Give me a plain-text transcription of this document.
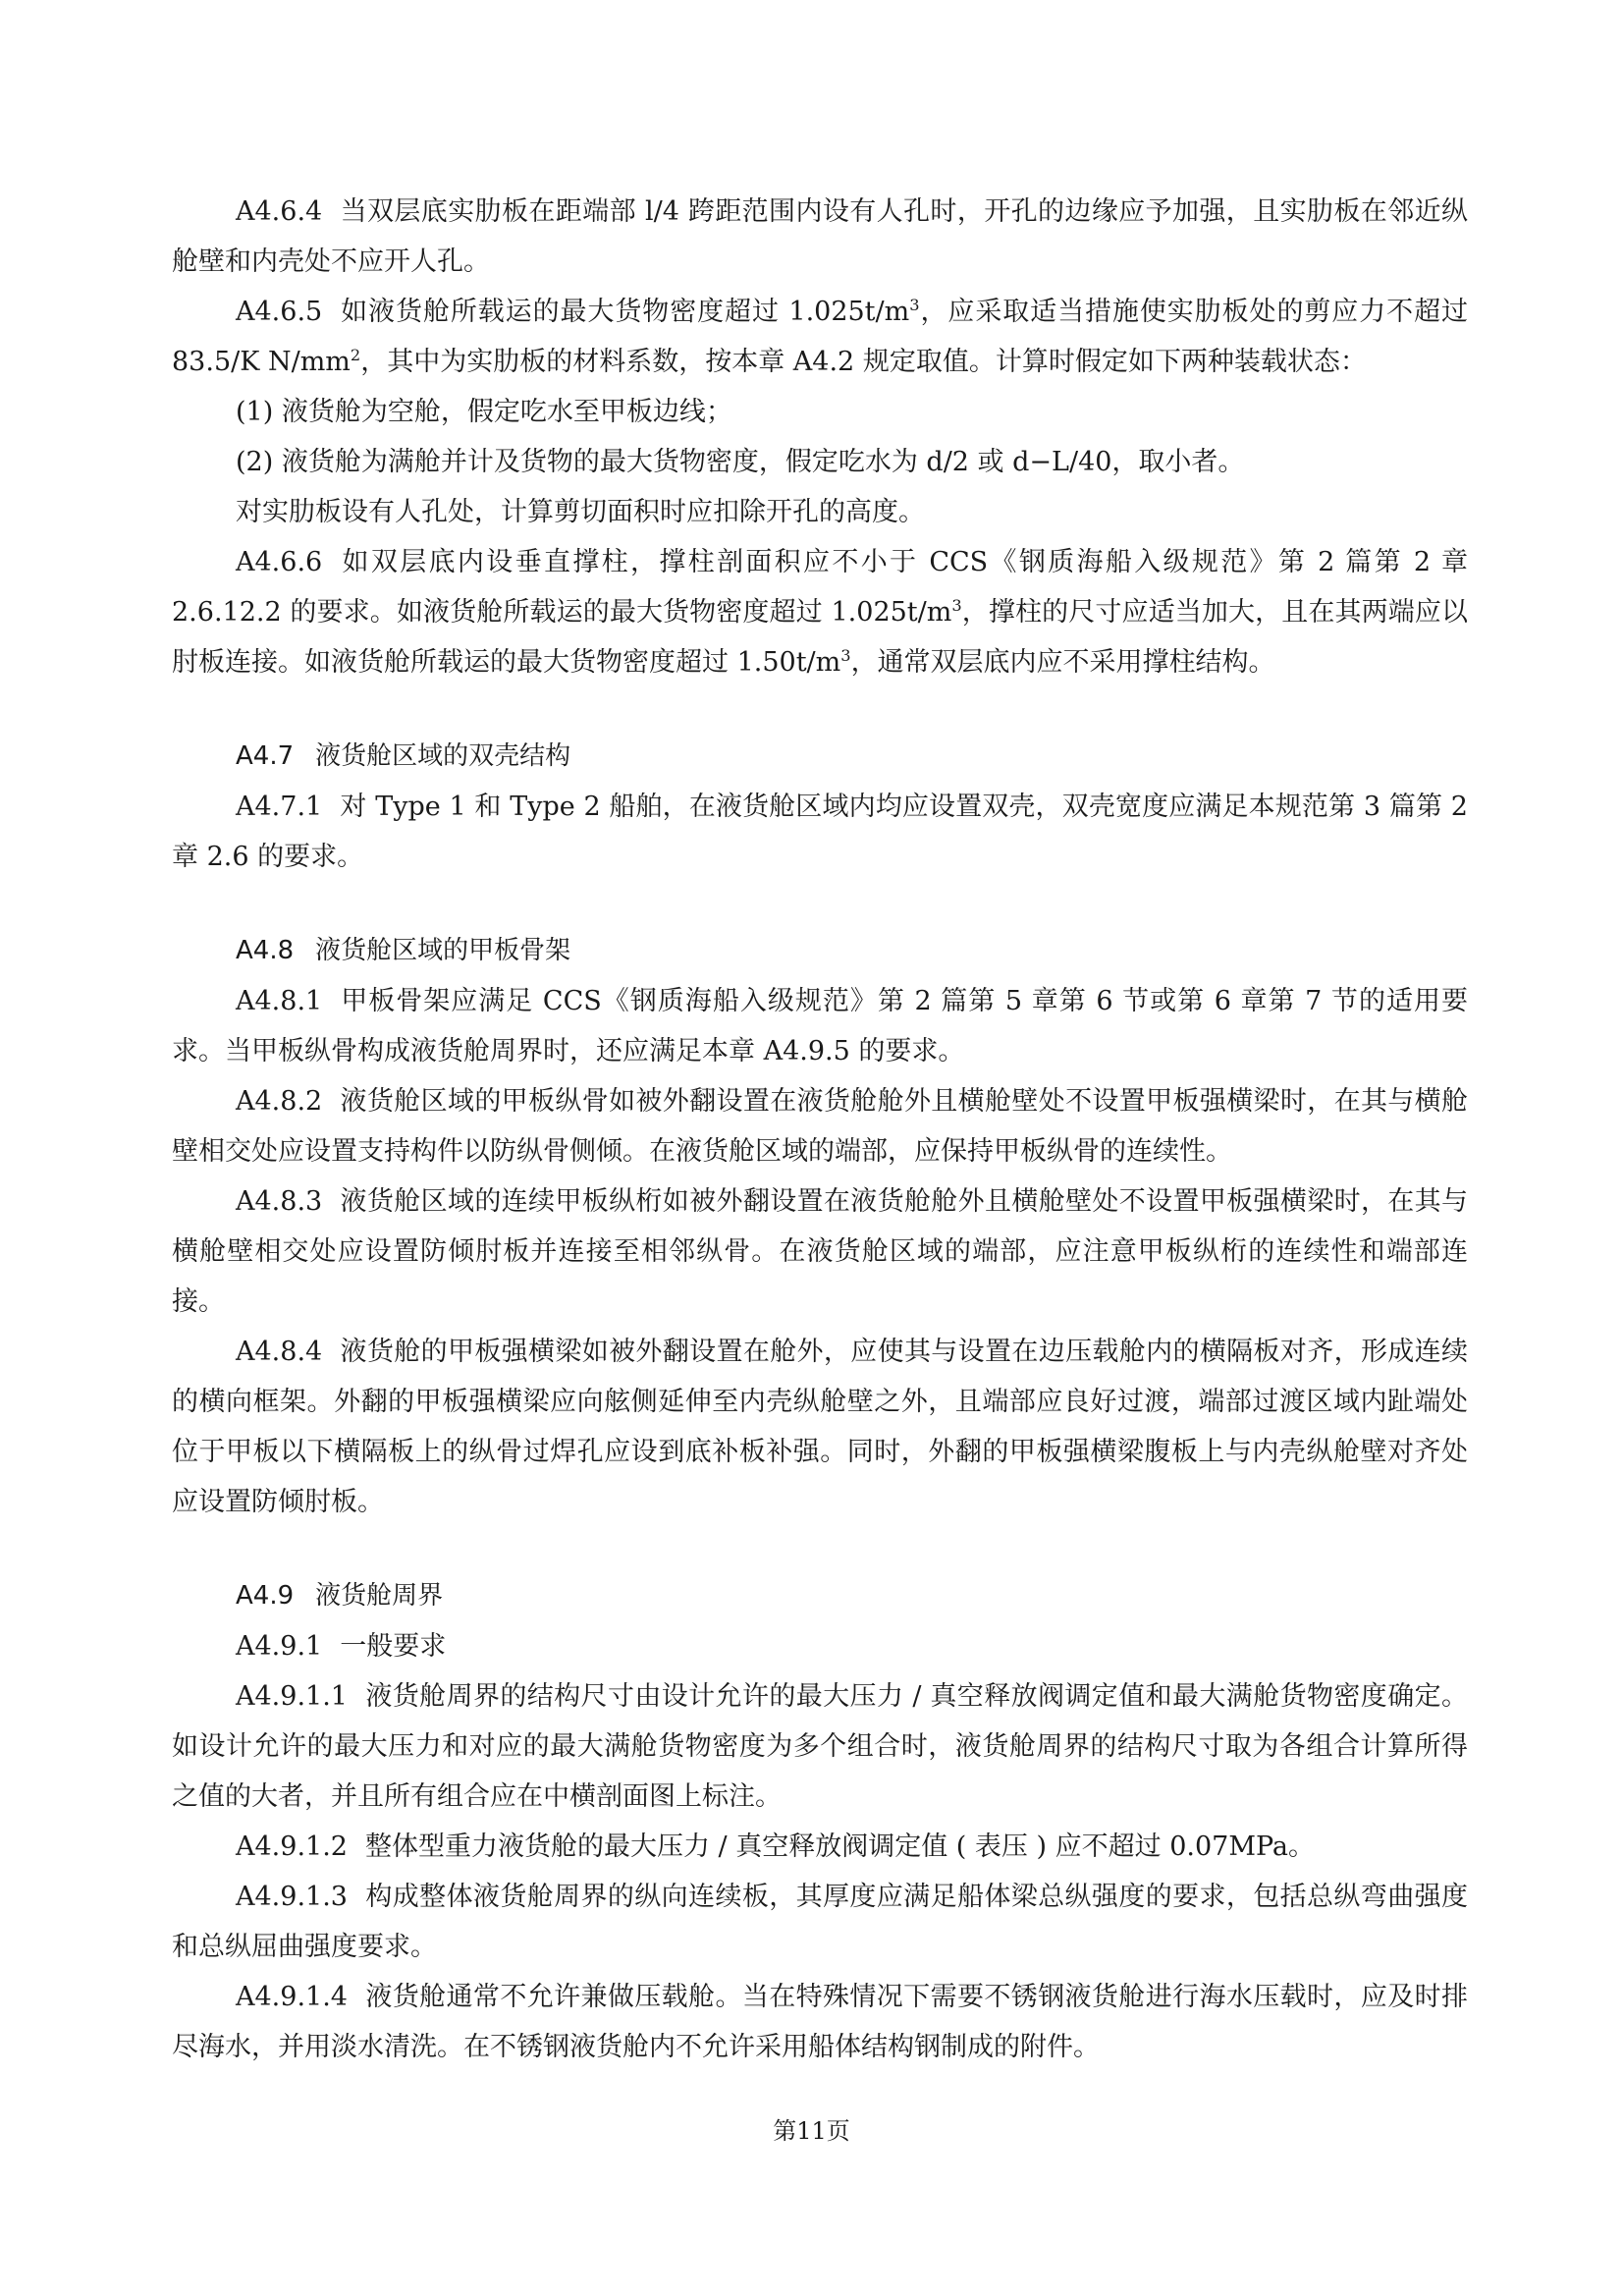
A4.6.4 当双层底实肋板在距端部 l/4 跨距范围内设有人孔时，开孔的边缘应予加强，且实肋板在邻近纵舱壁和内壳处不应开人孔。

A4.6.5 如液货舱所载运的最大货物密度超过 $1.025t/m^3$，应采取适当措施使实肋板处的剪应力不超过 83.5/K $N/mm^2$，其中为实肋板的材料系数，按本章 A4.2 规定取值。计算时假定如下两种装载状态：

(1) 液货舱为空舱，假定吃水至甲板边线；

(2) 液货舱为满舱并计及货物的最大货物密度，假定吃水为 d/2 或 d−L/40，取小者。

对实肋板设有人孔处，计算剪切面积时应扣除开孔的高度。

A4.6.6 如双层底内设垂直撑柱，撑柱剖面积应不小于 CCS《钢质海船入级规范》第 2 篇第 2 章 2.6.12.2 的要求。如液货舱所载运的最大货物密度超过 $1.025t/m^3$，撑柱的尺寸应适当加大，且在其两端应以肘板连接。如液货舱所载运的最大货物密度超过 $1.50t/m^3$，通常双层底内应不采用撑柱结构。

A4.7 液货舱区域的双壳结构

A4.7.1 对 Type 1 和 Type 2 船舶，在液货舱区域内均应设置双壳，双壳宽度应满足本规范第 3 篇第 2 章 2.6 的要求。

A4.8 液货舱区域的甲板骨架

A4.8.1 甲板骨架应满足 CCS《钢质海船入级规范》第 2 篇第 5 章第 6 节或第 6 章第 7 节的适用要求。当甲板纵骨构成液货舱周界时，还应满足本章 A4.9.5 的要求。

A4.8.2 液货舱区域的甲板纵骨如被外翻设置在液货舱舱外且横舱壁处不设置甲板强横梁时，在其与横舱壁相交处应设置支持构件以防纵骨侧倾。在液货舱区域的端部，应保持甲板纵骨的连续性。

A4.8.3 液货舱区域的连续甲板纵桁如被外翻设置在液货舱舱外且横舱壁处不设置甲板强横梁时，在其与横舱壁相交处应设置防倾肘板并连接至相邻纵骨。在液货舱区域的端部，应注意甲板纵桁的连续性和端部连接。

A4.8.4 液货舱的甲板强横梁如被外翻设置在舱外，应使其与设置在边压载舱内的横隔板对齐，形成连续的横向框架。外翻的甲板强横梁应向舷侧延伸至内壳纵舱壁之外，且端部应良好过渡，端部过渡区域内趾端处位于甲板以下横隔板上的纵骨过焊孔应设到底补板补强。同时，外翻的甲板强横梁腹板上与内壳纵舱壁对齐处应设置防倾肘板。

A4.9 液货舱周界

A4.9.1 一般要求

A4.9.1.1 液货舱周界的结构尺寸由设计允许的最大压力 / 真空释放阀调定值和最大满舱货物密度确定。如设计允许的最大压力和对应的最大满舱货物密度为多个组合时，液货舱周界的结构尺寸取为各组合计算所得之值的大者，并且所有组合应在中横剖面图上标注。

A4.9.1.2 整体型重力液货舱的最大压力 / 真空释放阀调定值 ( 表压 ) 应不超过 0.07MPa。

A4.9.1.3 构成整体液货舱周界的纵向连续板，其厚度应满足船体梁总纵强度的要求，包括总纵弯曲强度和总纵屈曲强度要求。

A4.9.1.4 液货舱通常不允许兼做压载舱。当在特殊情况下需要不锈钢液货舱进行海水压载时，应及时排尽海水，并用淡水清洗。在不锈钢液货舱内不允许采用船体结构钢制成的附件。

第11页
